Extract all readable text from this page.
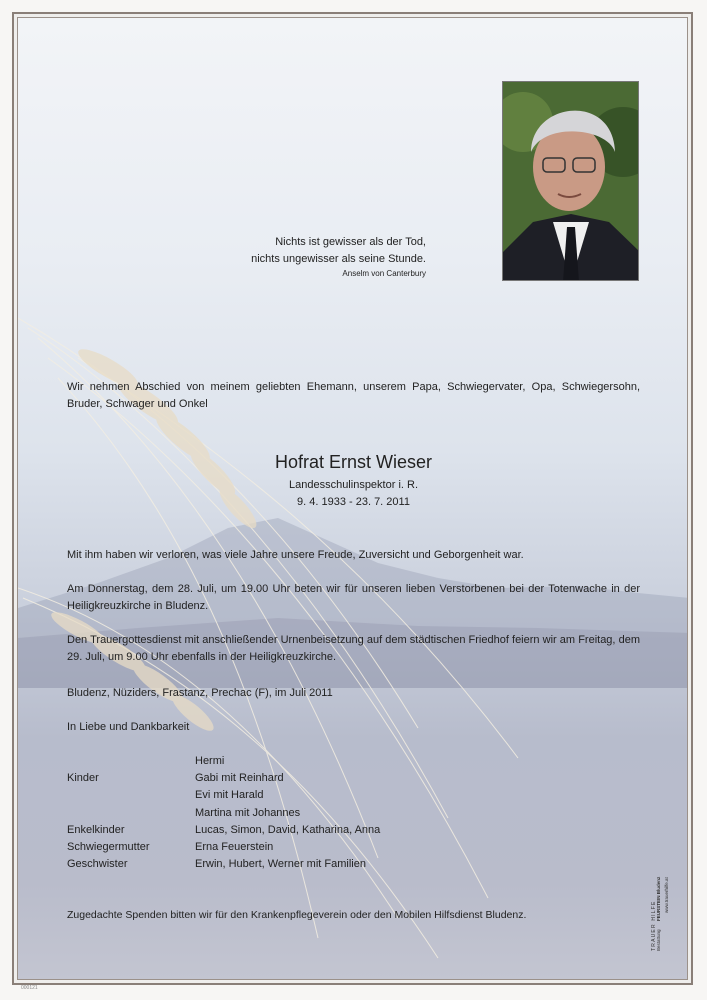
Nichts ist gewisser als der Tod,
nichts ungewisser als seine Stunde.
Anselm von Canterbury
Wir nehmen Abschied von meinem geliebten Ehemann, unserem Papa, Schwiegervater, Opa, Schwiegersohn, Bruder, Schwager und Onkel
Hofrat Ernst Wieser
Landesschulinspektor i. R.
9. 4. 1933 - 23. 7. 2011
Mit ihm haben wir verloren, was viele Jahre unsere Freude, Zuversicht und Geborgenheit war.
Am Donnerstag, dem 28. Juli, um 19.00 Uhr beten wir für unseren lieben Verstorbenen bei der Totenwache in der Heiligkreuzkirche in Bludenz.
Den Trauergottesdienst mit anschließender Urnenbeisetzung auf dem städtischen Friedhof feiern wir am Freitag, dem 29. Juli, um 9.00 Uhr ebenfalls in der Heiligkreuzkirche.
Bludenz, Nüziders, Frastanz, Prechac (F), im Juli 2011
In Liebe und Dankbarkeit
Hermi
Kinder	Gabi mit Reinhard
Evi mit Harald
Martina mit Johannes
Enkelkinder	Lucas, Simon, David, Katharina, Anna
Schwiegermutter	Erna Feuerstein
Geschwister	Erwin, Hubert, Werner mit Familien
Zugedachte Spenden bitten wir für den Krankenpflegeverein oder den Mobilen Hilfsdienst Bludenz.	TRAUER HILFE Bestattung
FEURSTEIN Bludenz www.trauerhilfe.at
000121
